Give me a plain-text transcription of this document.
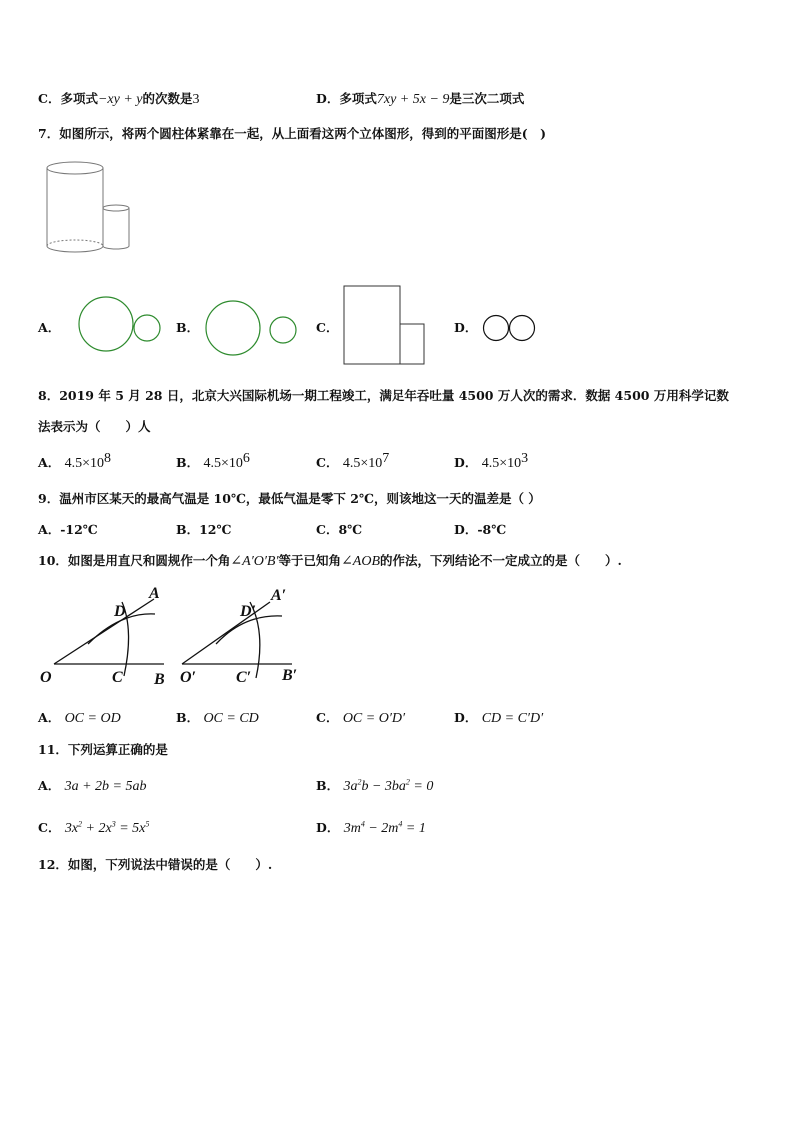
C．多项式−xy + y的次数是3	D．多项式7xy + 5x − 9是三次二项式
7．如图所示，将两个圆柱体紧靠在一起，从上面看这两个立体图形，得到的平面图形是(　)
A．	B．	C．	D．
8．2019 年 5 月 28 日，北京大兴国际机场一期工程竣工，满足年吞吐量 4500 万人次的需求．数据 4500 万用科学记数
法表示为（　　）人
A． $4.5\times 10^8$	B． $4.5\times 10^6$	C． $4.5\times 10^7$	D． $4.5\times 10^3$
9．温州市区某天的最高气温是 10℃，最低气温是零下 2℃，则该地这一天的温差是（ ）
A．-12℃	B．12℃	C．8℃	D．-8℃
10．如图是用直尺和圆规作一个角∠A′O′B′等于已知角∠AOB的作法，下列结论不一定成立的是（　　）.
A
D
O	C B
A′
D′
O′ C′ B′
A． OC = OD	B． OC = CD	C． OC = O′D′	D． CD = C′D′
11．下列运算正确的是
A． 3a + 2b = 5ab	B． $3a^2b - 3ba^2 = 0$
C． $3x^2 + 2x^3 = 5x^5$	D． $3m^4 - 2m^4 = 1$
12．如图，下列说法中错误的是（　　）.
